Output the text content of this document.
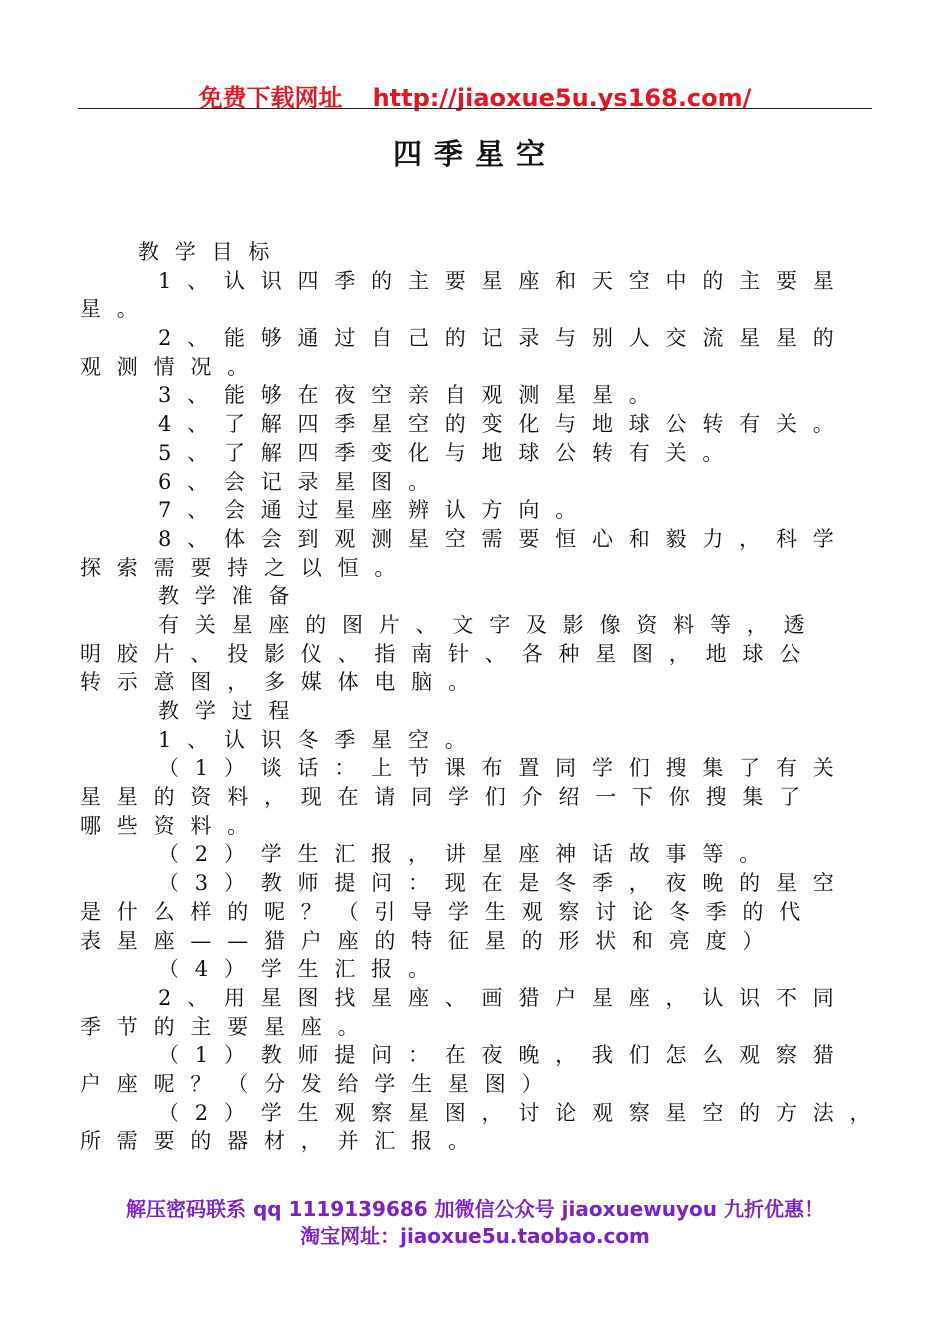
免费下载网址 http://jiaoxue5u.ys168.com/
四季星空
教学目标
1、认识四季的主要星座和天空中的主要星
星。
2、能够通过自己的记录与别人交流星星的
观测情况。
3、能够在夜空亲自观测星星。
4、了解四季星空的变化与地球公转有关。
5、了解四季变化与地球公转有关。
6、会记录星图。
7、会通过星座辨认方向。
8、体会到观测星空需要恒心和毅力，科学
探索需要持之以恒。
教学准备
有关星座的图片、文字及影像资料等，透
明胶片、投影仪、指南针、各种星图，地球公
转示意图，多媒体电脑。
教学过程
1、认识冬季星空。
（1）谈话：上节课布置同学们搜集了有关
星星的资料，现在请同学们介绍一下你搜集了
哪些资料。
（2）学生汇报，讲星座神话故事等。
（3）教师提问：现在是冬季，夜晚的星空
是什么样的呢？（引导学生观察讨论冬季的代
表星座——猎户座的特征星的形状和亮度）
（4）学生汇报。
2、用星图找星座、画猎户星座，认识不同
季节的主要星座。
（1）教师提问：在夜晚，我们怎么观察猎
户座呢？（分发给学生星图）
（2）学生观察星图，讨论观察星空的方法，
所需要的器材，并汇报。
解压密码联系 qq 1119139686 加微信公众号 jiaoxuewuyou 九折优惠！
淘宝网址：jiaoxue5u.taobao.com
